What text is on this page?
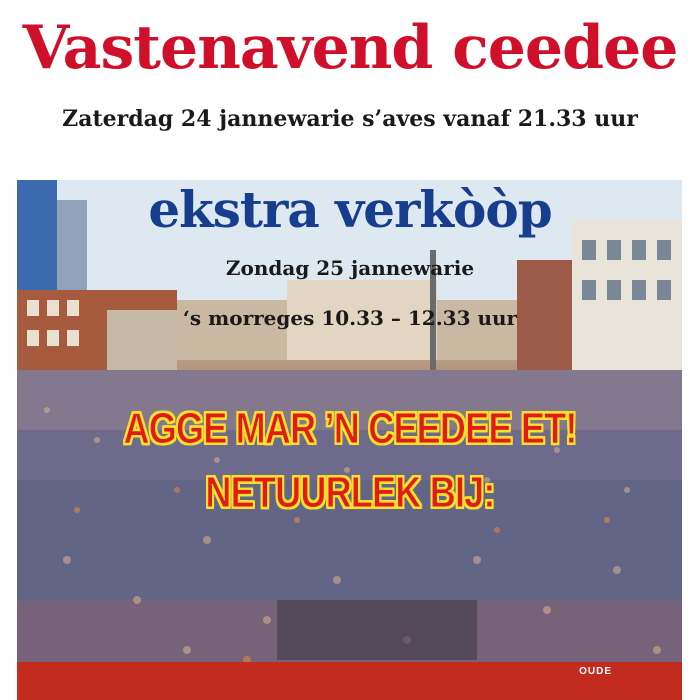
Vastenavend ceedee
Zaterdag 24 jannewarie s’aves vanaf 21.33 uur
ekstra verkòòp
Zondag 25 jannewarie
‘s morreges 10.33 – 12.33 uur
AGGE MAR ’N CEEDEE ET!
NETUURLEK BIJ:
OUDE
